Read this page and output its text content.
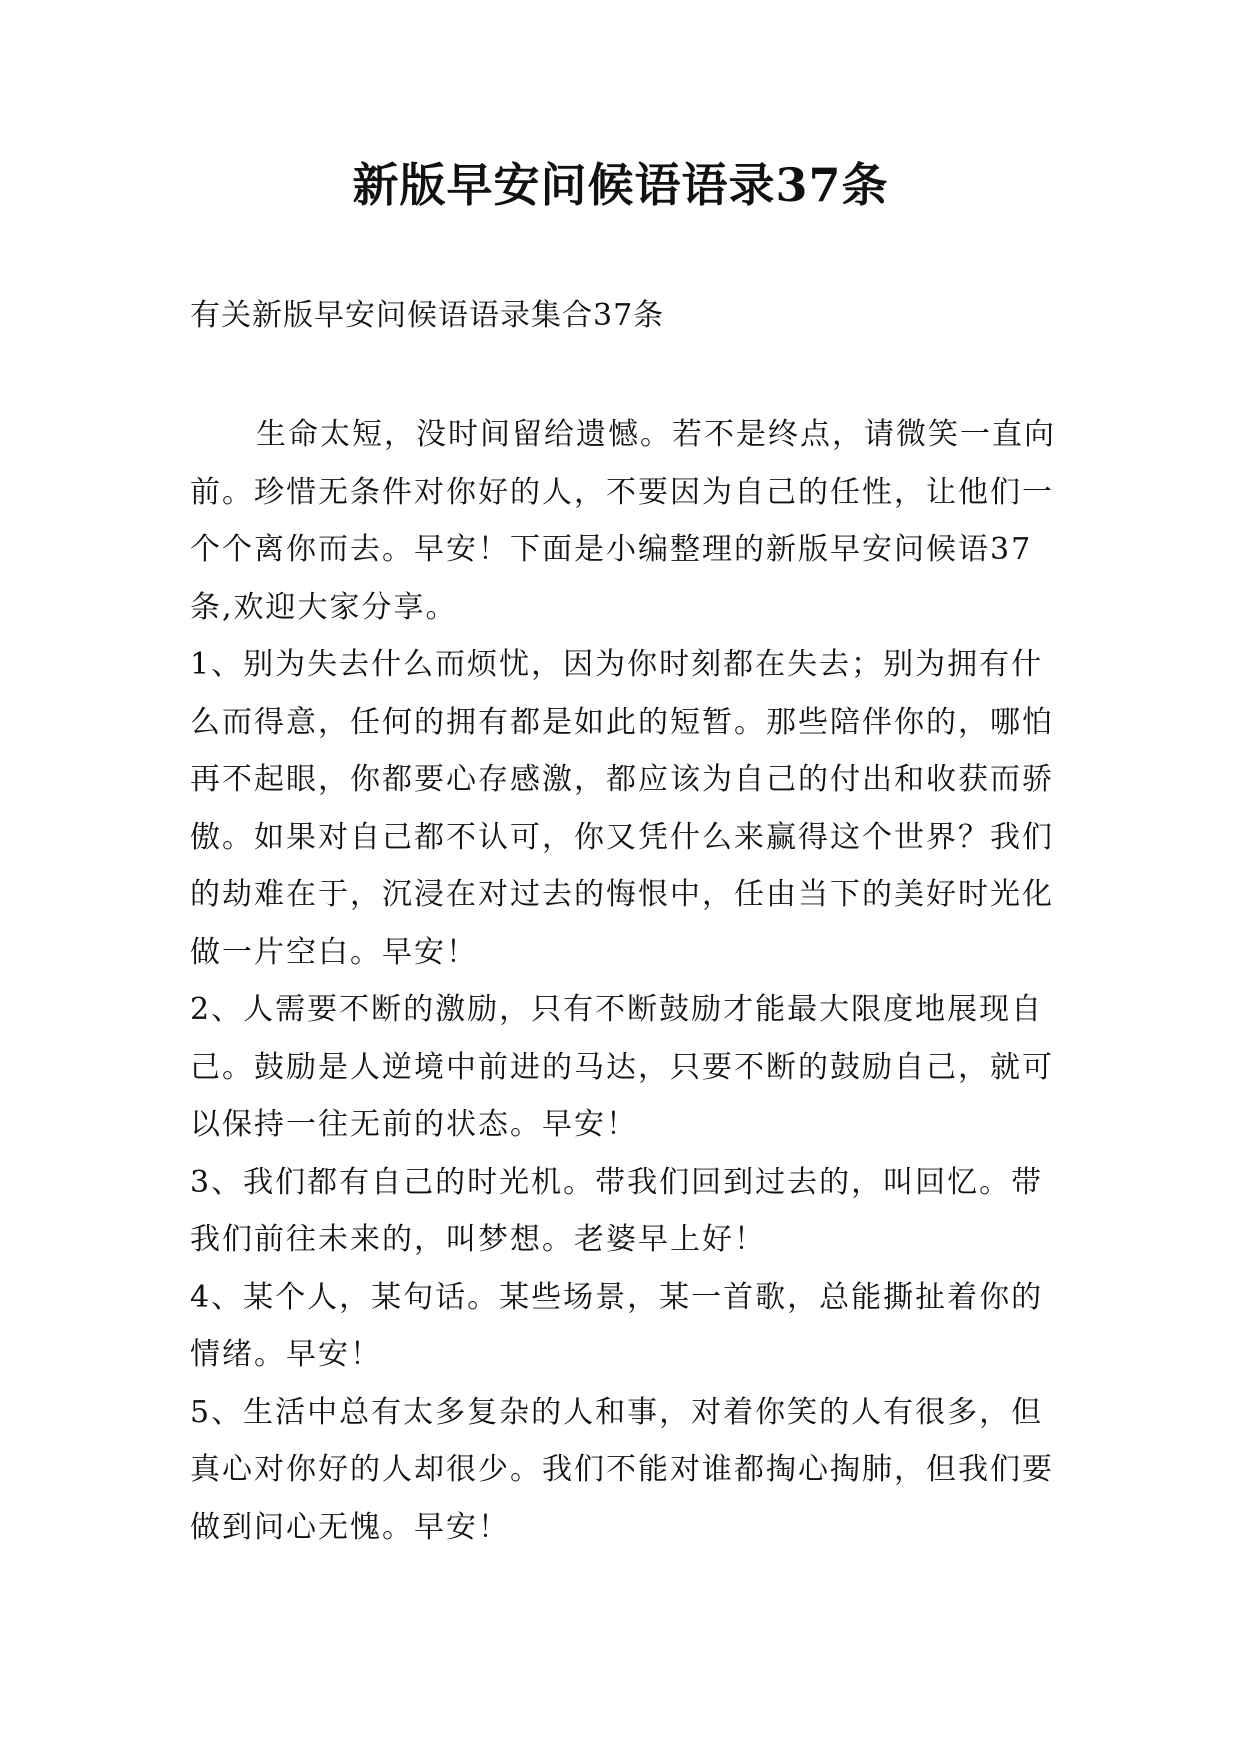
新版早安问候语语录37条

有关新版早安问候语语录集合37条

生命太短，没时间留给遗憾。若不是终点，请微笑一直向前。珍惜无条件对你好的人，不要因为自己的任性，让他们一个个离你而去。早安！下面是小编整理的新版早安问候语37条,欢迎大家分享。

1、别为失去什么而烦忧，因为你时刻都在失去；别为拥有什么而得意，任何的拥有都是如此的短暂。那些陪伴你的，哪怕再不起眼，你都要心存感激，都应该为自己的付出和收获而骄傲。如果对自己都不认可，你又凭什么来赢得这个世界？我们的劫难在于，沉浸在对过去的悔恨中，任由当下的美好时光化做一片空白。早安！

2、人需要不断的激励，只有不断鼓励才能最大限度地展现自己。鼓励是人逆境中前进的马达，只要不断的鼓励自己，就可以保持一往无前的状态。早安！

3、我们都有自己的时光机。带我们回到过去的，叫回忆。带我们前往未来的，叫梦想。老婆早上好！

4、某个人，某句话。某些场景，某一首歌，总能撕扯着你的情绪。早安！

5、生活中总有太多复杂的人和事，对着你笑的人有很多，但真心对你好的人却很少。我们不能对谁都掏心掏肺，但我们要做到问心无愧。早安！
